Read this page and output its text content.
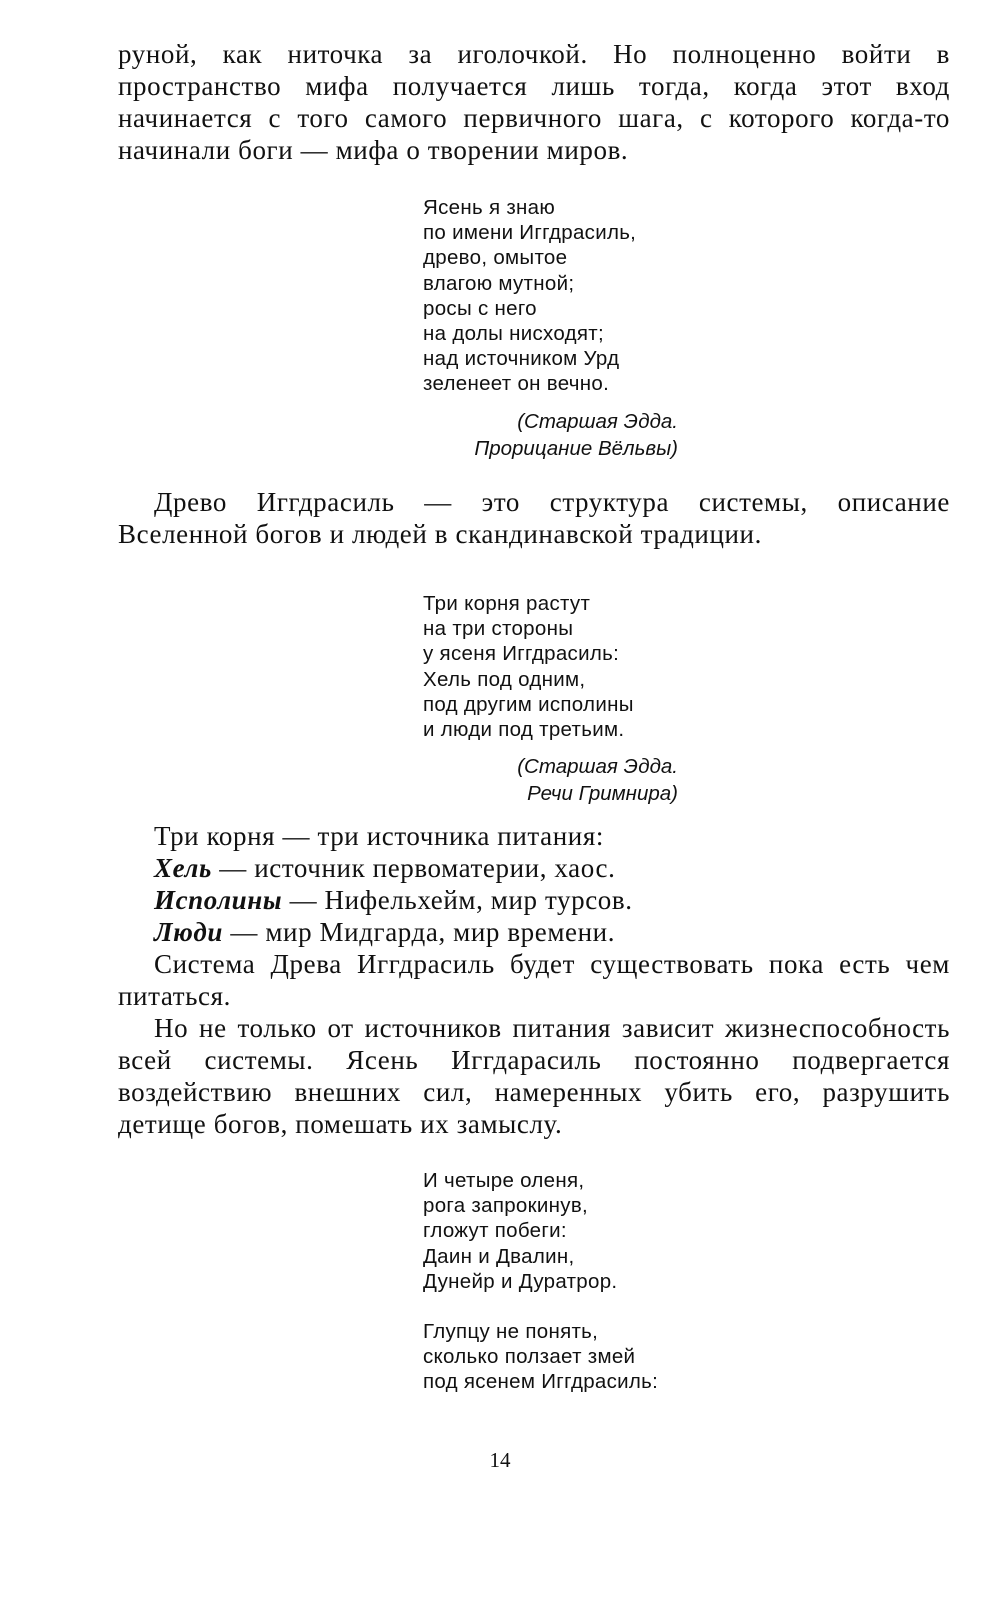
руной, как ниточка за иголочкой. Но полноценно войти в пространство мифа получается лишь тогда, когда этот вход начинается с того самого первичного шага, с которого когда-то начинали боги — мифа о творении миров.

Ясень я знаю
по имени Иггдрасиль,
древо, омытое
влагою мутной;
росы с него
на долы нисходят;
над источником Урд
зеленеет он вечно.
(Старшая Эдда.
Прорицание Вёльвы)

Древо Иггдрасиль — это структура системы, описание Вселенной богов и людей в скандинавской традиции.

Три корня растут
на три стороны
у ясеня Иггдрасиль:
Хель под одним,
под другим исполины
и люди под третьим.
(Старшая Эдда.
Речи Гримнира)
Три корня — три источника питания:
Хель — источник первоматерии, хаос.
Исполины — Нифельхейм, мир турсов.
Люди — мир Мидгарда, мир времени.

Система Древа Иггдрасиль будет существовать пока есть чем питаться.

Но не только от источников питания зависит жизнеспособность всей системы. Ясень Иггдарасиль постоянно подвергается воздействию внешних сил, намеренных убить его, разрушить детище богов, помешать их замыслу.

И четыре оленя,
рога запрокинув,
гложут побеги:
Даин и Двалин,
Дунейр и Дуратрор.
Глупцу не понять,
сколько ползает змей
под ясенем Иггдрасиль:
14
